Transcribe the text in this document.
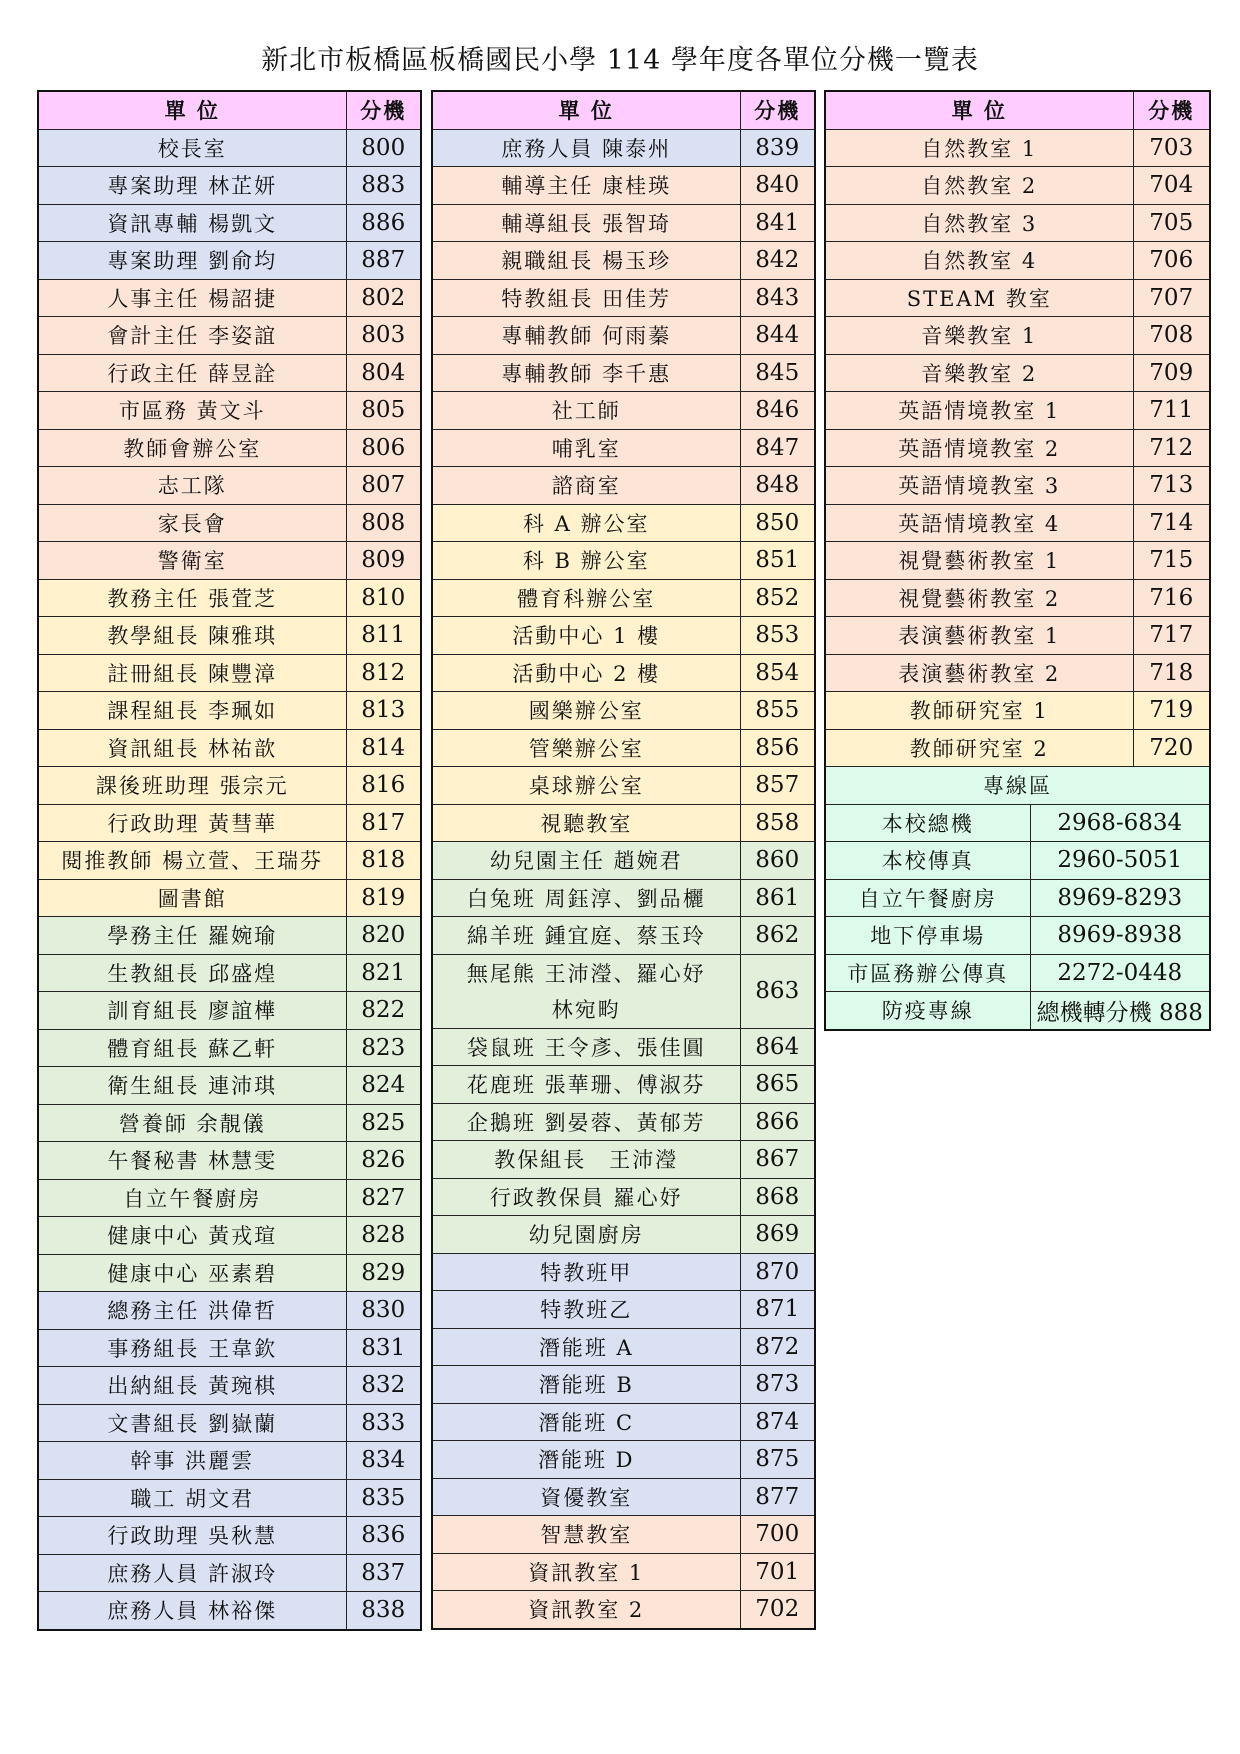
新北市板橋區板橋國民小學 114 學年度各單位分機一覽表
單 位	分機
校長室	800
專案助理 林芷妍	883
資訊專輔 楊凱文	886
專案助理 劉俞均	887
人事主任 楊詔捷	802
會計主任 李姿誼	803
行政主任 薛昱詮	804
市區務 黃文斗	805
教師會辦公室	806
志工隊	807
家長會	808
警衛室	809
教務主任 張萓芝	810
教學組長 陳雅琪	811
註冊組長 陳豐漳	812
課程組長 李珮如	813
資訊組長 林祐歆	814
課後班助理 張宗元	816
行政助理 黃彗華	817
閱推教師 楊立萱、王瑞芬	818
圖書館	819
學務主任 羅婉瑜	820
生教組長 邱盛煌	821
訓育組長 廖誼樺	822
體育組長 蘇乙軒	823
衛生組長 連沛琪	824
營養師 余靚儀	825
午餐秘書 林慧雯	826
自立午餐廚房	827
健康中心 黃戎瑄	828
健康中心 巫素碧	829
總務主任 洪偉哲	830
事務組長 王韋欽	831
出納組長 黃琬棋	832
文書組長 劉嶽蘭	833
幹事 洪麗雲	834
職工 胡文君	835
行政助理 吳秋慧	836
庶務人員 許淑玲	837
庶務人員 林裕傑	838
單 位	分機
庶務人員 陳泰州	839
輔導主任 康桂瑛	840
輔導組長 張智琦	841
親職組長 楊玉珍	842
特教組長 田佳芳	843
專輔教師 何雨蓁	844
專輔教師 李千惠	845
社工師	846
哺乳室	847
諮商室	848
科 A 辦公室	850
科 B 辦公室	851
體育科辦公室	852
活動中心 1 樓	853
活動中心 2 樓	854
國樂辦公室	855
管樂辦公室	856
桌球辦公室	857
視聽教室	858
幼兒園主任 趙婉君	860
白兔班 周鈺淳、劉品欐	861
綿羊班 鍾宜庭、蔡玉玲	862
無尾熊 王沛瀅、羅心妤	863
林宛畇	
袋鼠班 王令彥、張佳圓	864
花鹿班 張華珊、傅淑芬	865
企鵝班 劉晏蓉、黃郁芳	866
教保組長　王沛瀅	867
行政教保員 羅心妤	868
幼兒園廚房	869
特教班甲	870
特教班乙	871
潛能班 A	872
潛能班 B	873
潛能班 C	874
潛能班 D	875
資優教室	877
智慧教室	700
資訊教室 1	701
資訊教室 2	702
單 位		分機
自然教室 1		703
自然教室 2		704
自然教室 3		705
自然教室 4		706
STEAM 教室		707
音樂教室 1		708
音樂教室 2		709
英語情境教室 1		711
英語情境教室 2		712
英語情境教室 3		713
英語情境教室 4		714
視覺藝術教室 1		715
視覺藝術教室 2		716
表演藝術教室 1		717
表演藝術教室 2		718
教師研究室 1		719
教師研究室 2		720
專線區		
本校總機	2968-6834	
本校傳真	2960-5051	
自立午餐廚房	8969-8293	
地下停車場	8969-8938	
市區務辦公傳真	2272-0448	
防疫專線	總機轉分機 888	
